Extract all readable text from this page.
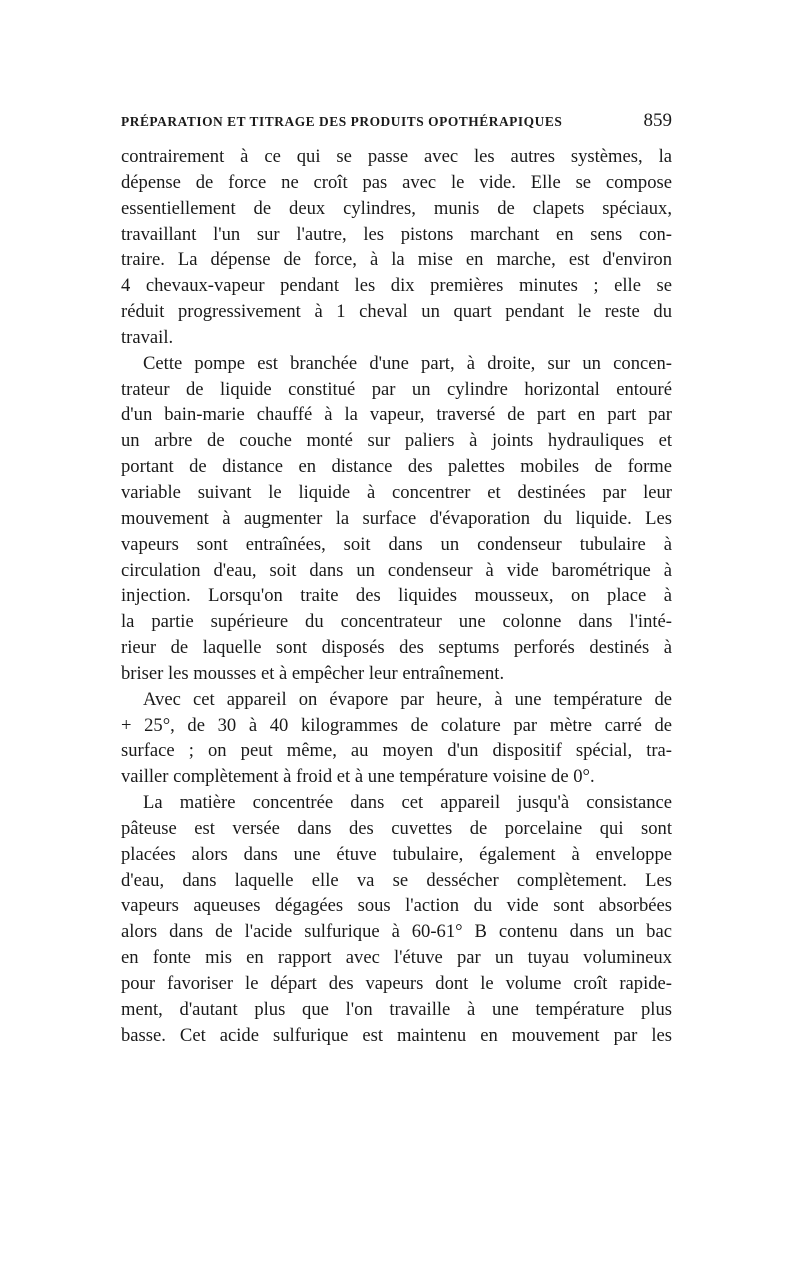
PRÉPARATION ET TITRAGE DES PRODUITS OPOTHÉRAPIQUES	859
contrairement à ce qui se passe avec les autres systèmes, la
dépense de force ne croît pas avec le vide. Elle se compose
essentiellement de deux cylindres, munis de clapets spéciaux,
travaillant l'un sur l'autre, les pistons marchant en sens con-
traire. La dépense de force, à la mise en marche, est d'environ
4 chevaux-vapeur pendant les dix premières minutes ; elle se
réduit progressivement à 1 cheval un quart pendant le reste du
travail.
Cette pompe est branchée d'une part, à droite, sur un concen-
trateur de liquide constitué par un cylindre horizontal entouré
d'un bain-marie chauffé à la vapeur, traversé de part en part par
un arbre de couche monté sur paliers à joints hydrauliques et
portant de distance en distance des palettes mobiles de forme
variable suivant le liquide à concentrer et destinées par leur
mouvement à augmenter la surface d'évaporation du liquide. Les
vapeurs sont entraînées, soit dans un condenseur tubulaire à
circulation d'eau, soit dans un condenseur à vide barométrique à
injection. Lorsqu'on traite des liquides mousseux, on place à
la partie supérieure du concentrateur une colonne dans l'inté-
rieur de laquelle sont disposés des septums perforés destinés à
briser les mousses et à empêcher leur entraînement.
Avec cet appareil on évapore par heure, à une température de
+ 25°, de 30 à 40 kilogrammes de colature par mètre carré de
surface ; on peut même, au moyen d'un dispositif spécial, tra-
vailler complètement à froid et à une température voisine de 0°.
La matière concentrée dans cet appareil jusqu'à consistance
pâteuse est versée dans des cuvettes de porcelaine qui sont
placées alors dans une étuve tubulaire, également à enveloppe
d'eau, dans laquelle elle va se dessécher complètement. Les
vapeurs aqueuses dégagées sous l'action du vide sont absorbées
alors dans de l'acide sulfurique à 60-61° B contenu dans un bac
en fonte mis en rapport avec l'étuve par un tuyau volumineux
pour favoriser le départ des vapeurs dont le volume croît rapide-
ment, d'autant plus que l'on travaille à une température plus
basse. Cet acide sulfurique est maintenu en mouvement par les
